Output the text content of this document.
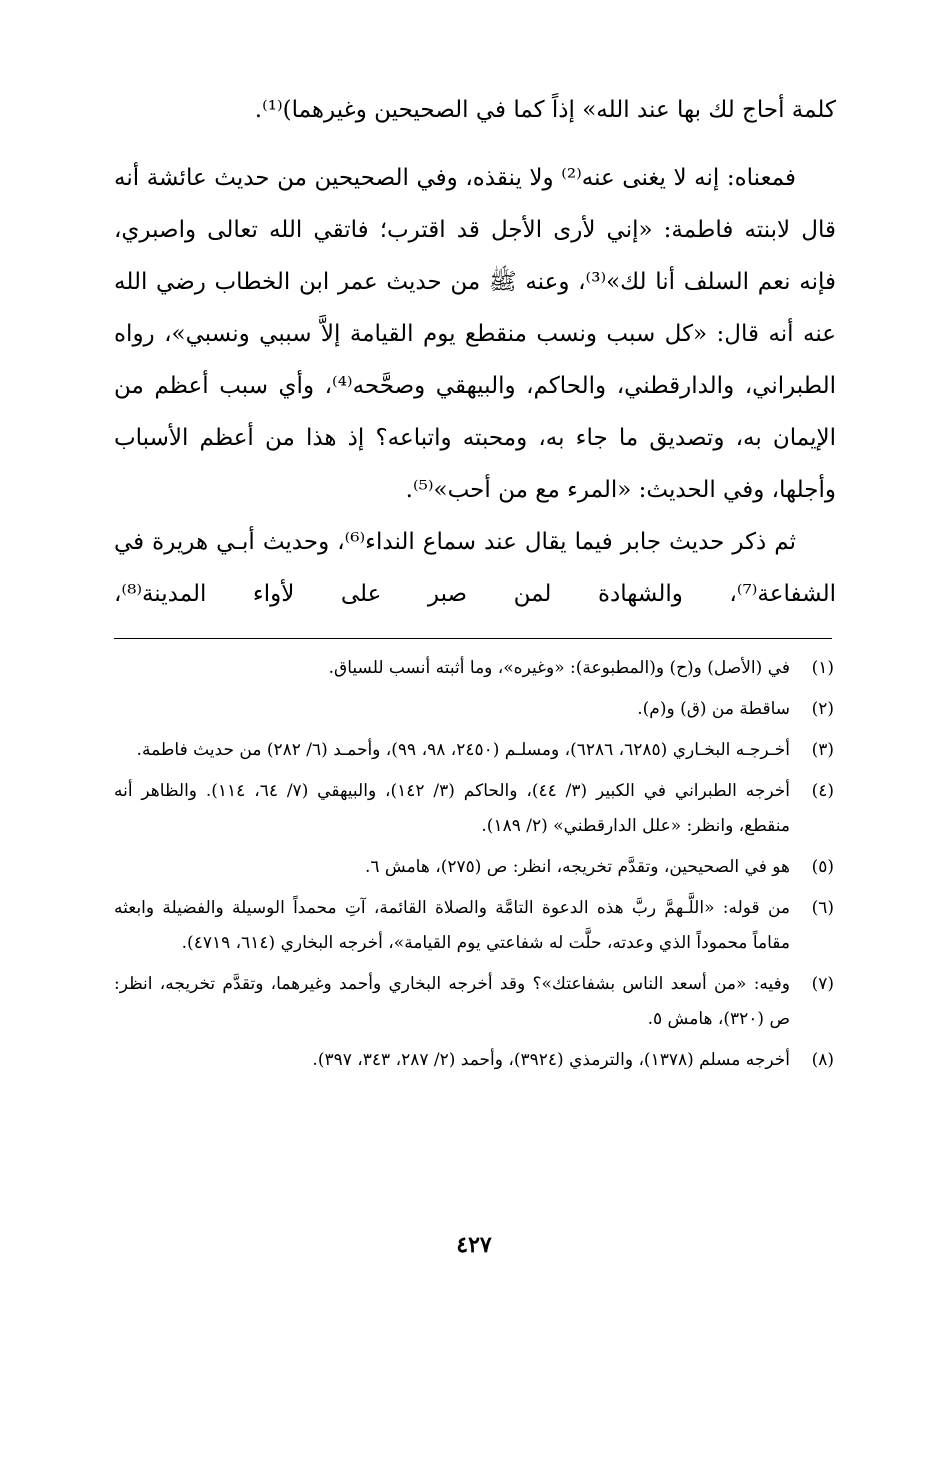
كلمة أحاج لك بها عند الله» إذاً كما في الصحيحين وغيرهما)⁽¹⁾.

فمعناه: إنه لا يغنى عنه⁽²⁾ ولا ينقذه، وفي الصحيحين من حديث عائشة أنه قال لابنته فاطمة: «إني لأرى الأجل قد اقترب؛ فاتقي الله تعالى واصبري، فإنه نعم السلف أنا لك»⁽³⁾، وعنه ﷺ من حديث عمر ابن الخطاب رضي الله عنه أنه قال: «كل سبب ونسب منقطع يوم القيامة إلاَّ سببي ونسبي»، رواه الطبراني، والدارقطني، والحاكم، والبيهقي وصحَّحه⁽⁴⁾، وأي سبب أعظم من الإيمان به، وتصديق ما جاء به، ومحبته واتباعه؟ إذ هذا من أعظم الأسباب وأجلها، وفي الحديث: «المرء مع من أحب»⁽⁵⁾.

ثم ذكر حديث جابر فيما يقال عند سماع النداء⁽⁶⁾، وحديث أبـي هريرة في الشفاعة⁽⁷⁾، والشهادة لمن صبر على لأواء المدينة⁽⁸⁾،

(١)
في (الأصل) و(ح) و(المطبوعة): «وغيره»، وما أثبته أنسب للسياق.
(٢)
ساقطة من (ق) و(م).
(٣)
أخـرجـه البخـاري (٦٢٨٥، ٦٢٨٦)، ومسلـم (٢٤٥٠، ٩٨، ٩٩)، وأحمـد (٦/ ٢٨٢) من حديث فاطمة.
(٤)
أخرجه الطبراني في الكبير (٣/ ٤٤)، والحاكم (٣/ ١٤٢)، والبيهقي (٧/ ٦٤، ١١٤). والظاهر أنه منقطع، وانظر: «علل الدارقطني» (٢/ ١٨٩).
(٥)
هو في الصحيحين، وتقدَّم تخريجه، انظر: ص (٢٧٥)، هامش ٦.
(٦)
من قوله: «اللَّـهمَّ ربَّ هذه الدعوة التامَّة والصلاة القائمة، آتِ محمداً الوسيلة والفضيلة وابعثه مقاماً محموداً الذي وعدته، حلَّت له شفاعتي يوم القيامة»، أخرجه البخاري (٦١٤، ٤٧١٩).
(٧)
وفيه: «من أسعد الناس بشفاعتك»؟ وقد أخرجه البخاري وأحمد وغيرهما، وتقدَّم تخريجه، انظر: ص (٣٢٠)، هامش ٥.
(٨)
أخرجه مسلم (١٣٧٨)، والترمذي (٣٩٢٤)، وأحمد (٢/ ٢٨٧، ٣٤٣، ٣٩٧).
٤٢٧
